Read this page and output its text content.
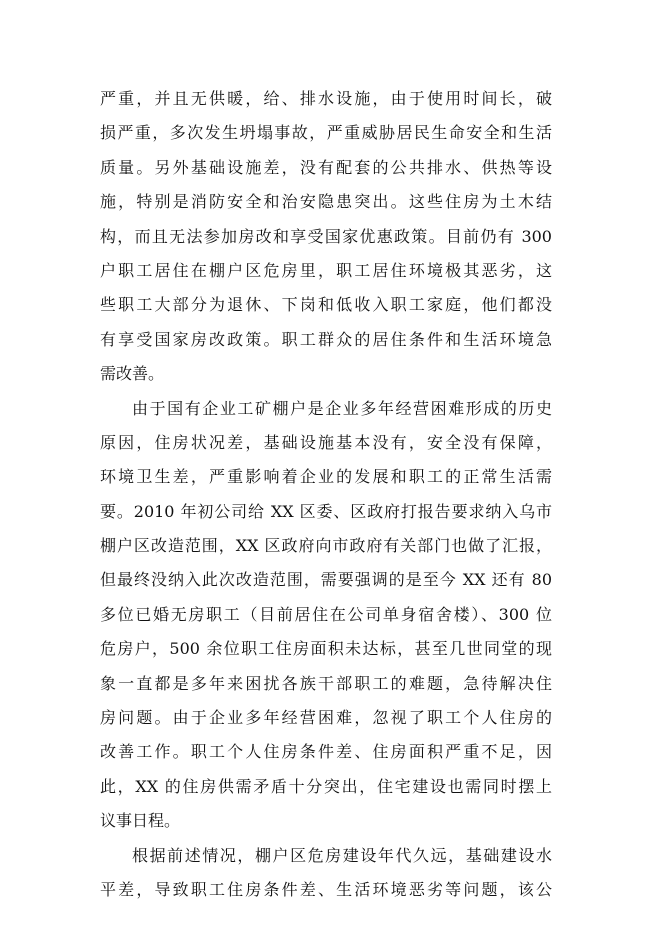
严重，并且无供暖，给、排水设施，由于使用时间长，破
损严重，多次发生坍塌事故，严重威胁居民生命安全和生活
质量。另外基础设施差，没有配套的公共排水、供热等设
施，特别是消防安全和治安隐患突出。这些住房为土木结
构，而且无法参加房改和享受国家优惠政策。目前仍有 300
户职工居住在棚户区危房里，职工居住环境极其恶劣，这
些职工大部分为退休、下岗和低收入职工家庭，他们都没
有享受国家房改政策。职工群众的居住条件和生活环境急
需改善。
由于国有企业工矿棚户是企业多年经营困难形成的历史
原因，住房状况差，基础设施基本没有，安全没有保障，
环境卫生差，严重影响着企业的发展和职工的正常生活需
要。2010 年初公司给 XX 区委、区政府打报告要求纳入乌市
棚户区改造范围，XX 区政府向市政府有关部门也做了汇报，
但最终没纳入此次改造范围，需要强调的是至今 XX 还有 80
多位已婚无房职工（目前居住在公司单身宿舍楼）、300 位
危房户，500 余位职工住房面积未达标，甚至几世同堂的现
象一直都是多年来困扰各族干部职工的难题，急待解决住
房问题。由于企业多年经营困难，忽视了职工个人住房的
改善工作。职工个人住房条件差、住房面积严重不足，因
此，XX 的住房供需矛盾十分突出，住宅建设也需同时摆上
议事日程。
根据前述情况，棚户区危房建设年代久远，基础建设水
平差，导致职工住房条件差、生活环境恶劣等问题，该公
